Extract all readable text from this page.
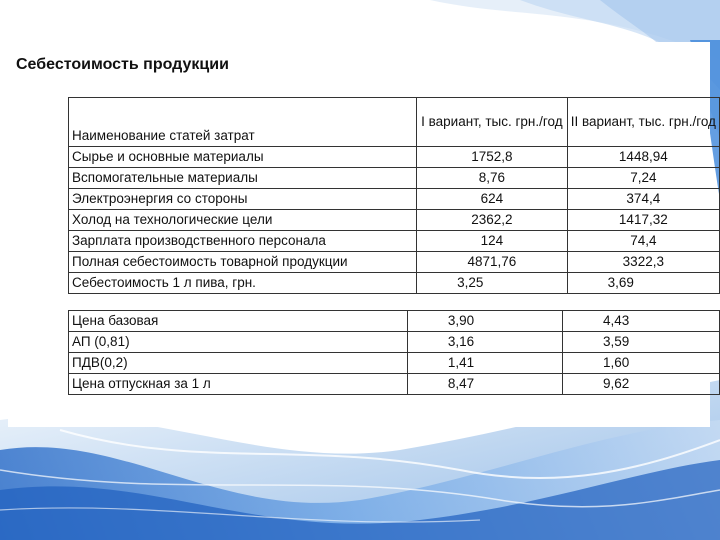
Себестоимость продукции
Наименование статей затрат	I вариант, тыс. грн./год	II вариант, тыс. грн./год
Сырье и основные материалы	1752,8	1448,94
Вспомогательные материалы	8,76	7,24
Электроэнергия со стороны	624	374,4
Холод на технологические цели	2362,2	1417,32
Зарплата производственного персонала	124	74,4
Полная себестоимость товарной продукции	4871,76	3322,3
Себестоимость 1 л пива, грн.	3,25	3,69
Цена базовая	3,90	4,43
АП (0,81)	3,16	3,59
ПДВ(0,2)	1,41	1,60
Цена отпускная за 1 л	8,47	9,62
